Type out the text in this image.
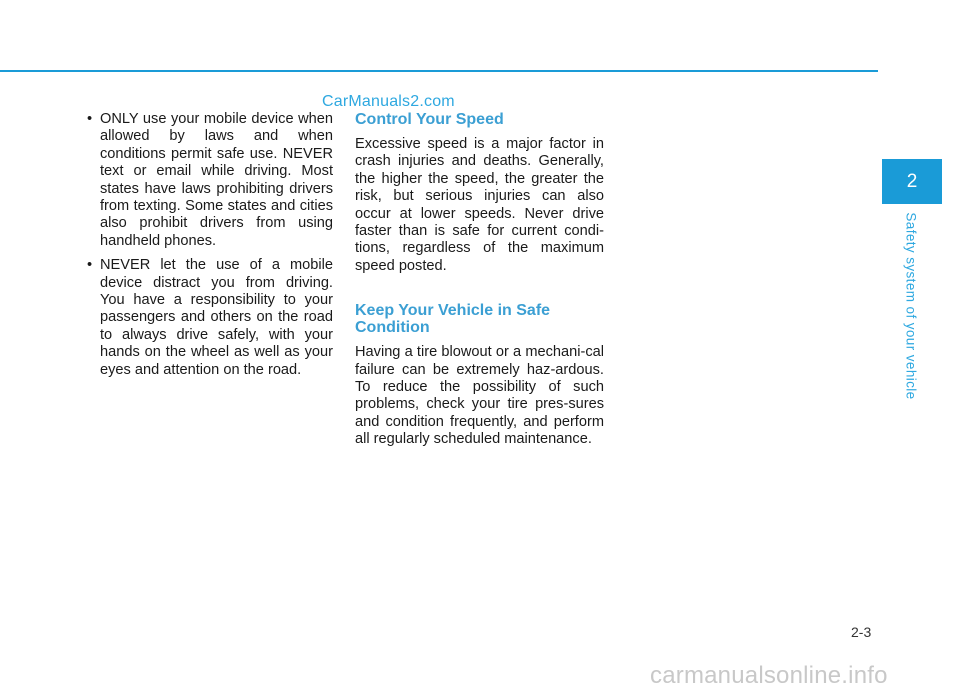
CarManuals2.com
• ONLY use your mobile device when allowed by laws and when conditions permit safe use. NEVER text or email while driving. Most states have laws prohibiting drivers from texting. Some states and cities also prohibit drivers from using handheld phones.
• NEVER let the use of a mobile device distract you from driving. You have a responsibility to your passengers and others on the road to always drive safely, with your hands on the wheel as well as your eyes and attention on the road.
Control Your Speed

Excessive speed is a major factor in crash injuries and deaths. Generally, the higher the speed, the greater the risk, but serious injuries can also occur at lower speeds. Never drive faster than is safe for current condi-tions, regardless of the maximum speed posted.

Keep Your Vehicle in Safe Condition

Having a tire blowout or a mechani-cal failure can be extremely haz-ardous. To reduce the possibility of such problems, check your tire pres-sures and condition frequently, and perform all regularly scheduled maintenance.

2
Safety system of your vehicle
2-3
carmanualsonline.info
